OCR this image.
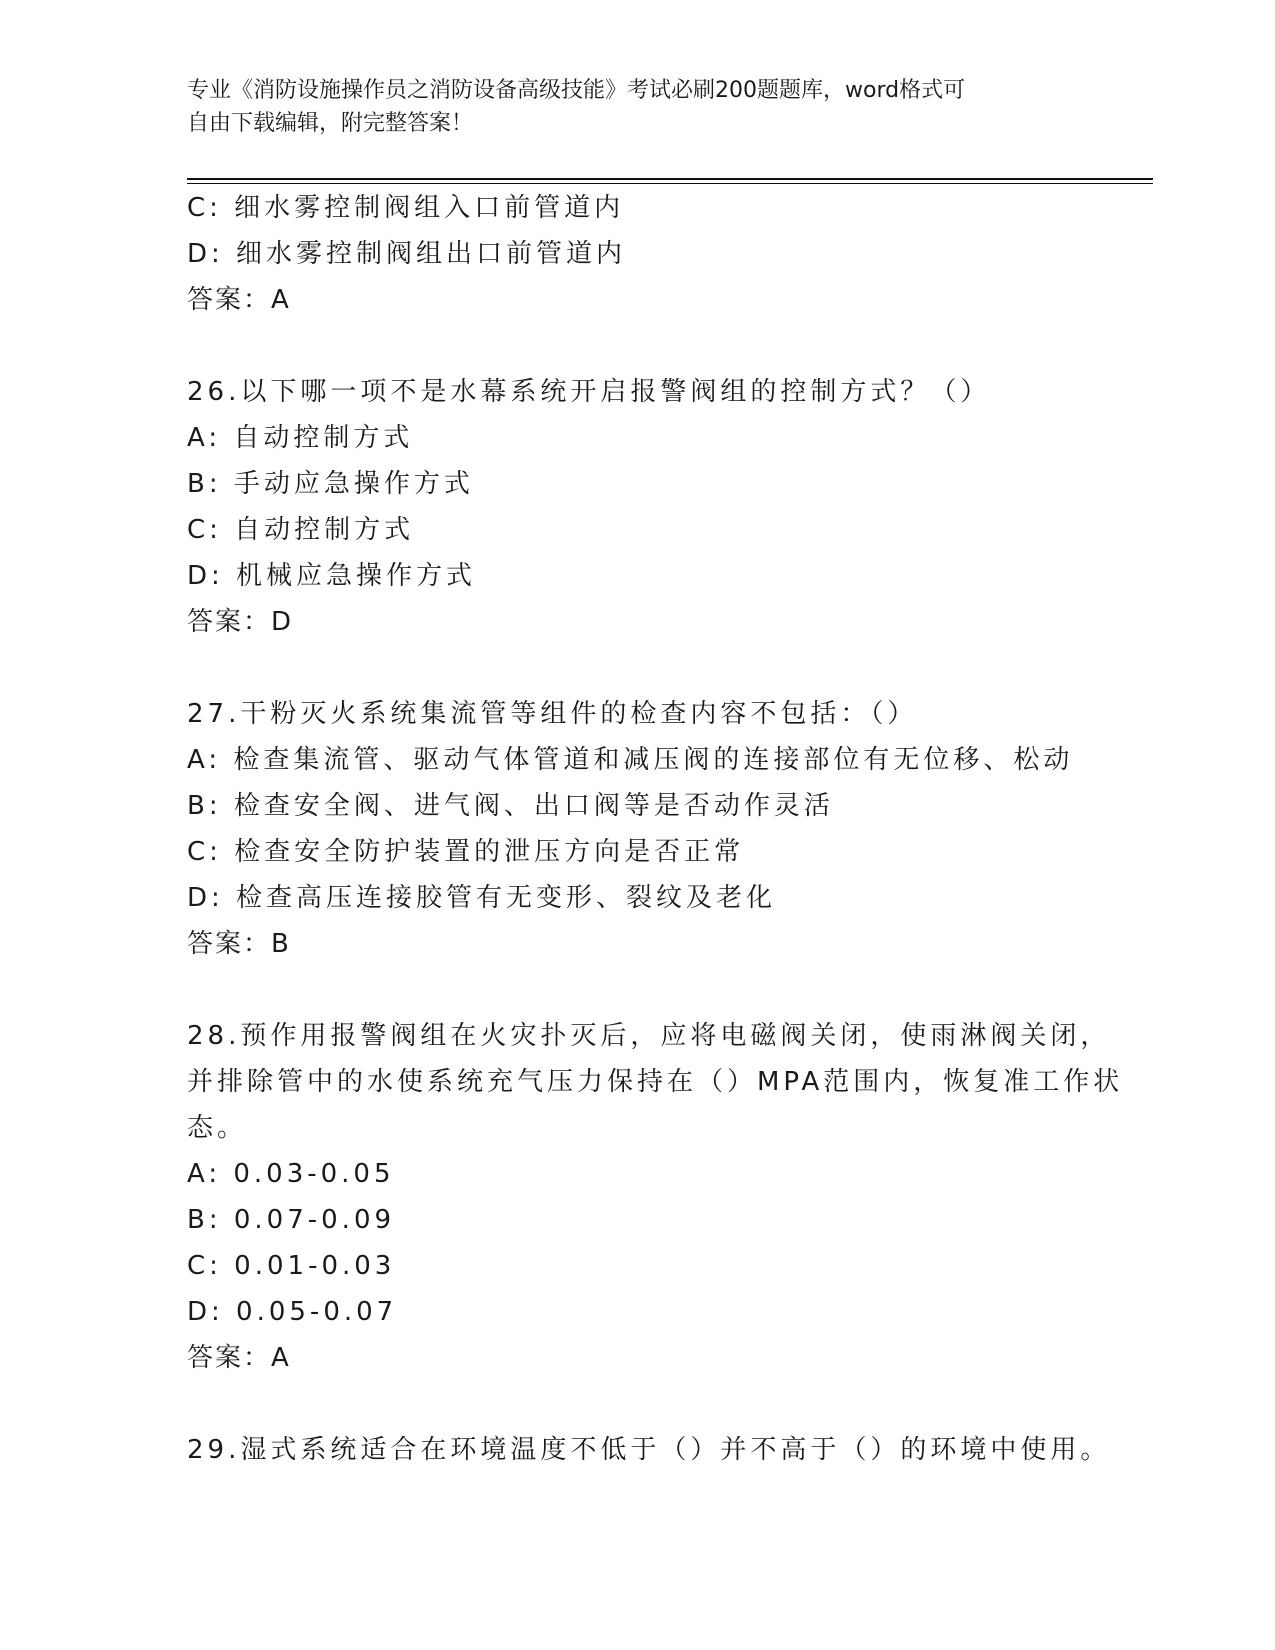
专业《消防设施操作员之消防设备高级技能》考试必刷200题题库，word格式可
自由下载编辑，附完整答案！
C: 细水雾控制阀组入口前管道内
D: 细水雾控制阀组出口前管道内
答案：A
26.以下哪一项不是水幕系统开启报警阀组的控制方式？（）
A: 自动控制方式
B: 手动应急操作方式
C: 自动控制方式
D: 机械应急操作方式
答案：D
27.干粉灭火系统集流管等组件的检查内容不包括：（）
A: 检查集流管、驱动气体管道和减压阀的连接部位有无位移、松动
B: 检查安全阀、进气阀、出口阀等是否动作灵活
C: 检查安全防护装置的泄压方向是否正常
D: 检查高压连接胶管有无变形、裂纹及老化
答案：B
28.预作用报警阀组在火灾扑灭后，应将电磁阀关闭，使雨淋阀关闭，
并排除管中的水使系统充气压力保持在（）MPA范围内，恢复准工作状
态。
A: 0.03-0.05
B: 0.07-0.09
C: 0.01-0.03
D: 0.05-0.07
答案：A
29.湿式系统适合在环境温度不低于（）并不高于（）的环境中使用。
